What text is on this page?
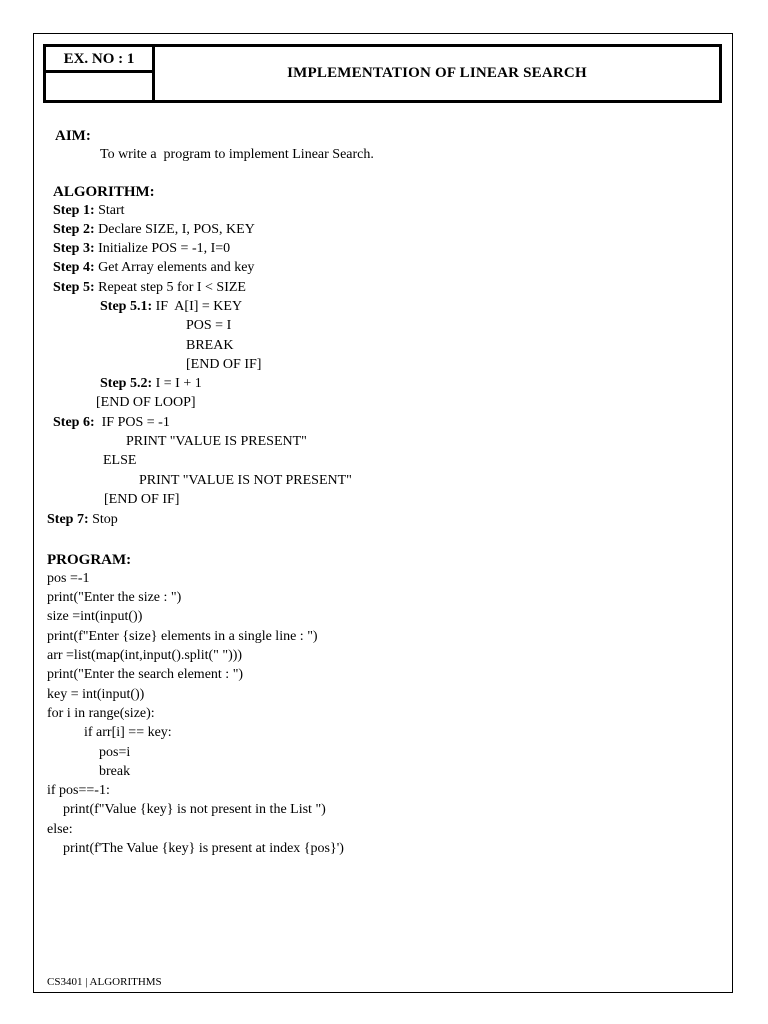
EX. NO : 1
IMPLEMENTATION OF LINEAR SEARCH
AIM:
To write a  program to implement Linear Search.
ALGORITHM:
Step 1: Start
Step 2: Declare SIZE, I, POS, KEY
Step 3: Initialize POS = -1, I=0
Step 4: Get Array elements and key
Step 5: Repeat step 5 for I < SIZE
Step 5.1: IF  A[I] = KEY
POS = I
BREAK
[END OF IF]
Step 5.2: I = I + 1
[END OF LOOP]
Step 6:  IF POS = -1
PRINT "VALUE IS PRESENT"
ELSE
PRINT "VALUE IS NOT PRESENT"
[END OF IF]
Step 7: Stop
PROGRAM:
pos =-1
print("Enter the size : ")
size =int(input())
print(f"Enter {size} elements in a single line : ")
arr =list(map(int,input().split(" ")))
print("Enter the search element : ")
key = int(input())
for i in range(size):
if arr[i] == key:
pos=i
break
if pos==-1:
print(f"Value {key} is not present in the List ")
else:
print(f'The Value {key} is present at index {pos}')
CS3401 | ALGORITHMS
